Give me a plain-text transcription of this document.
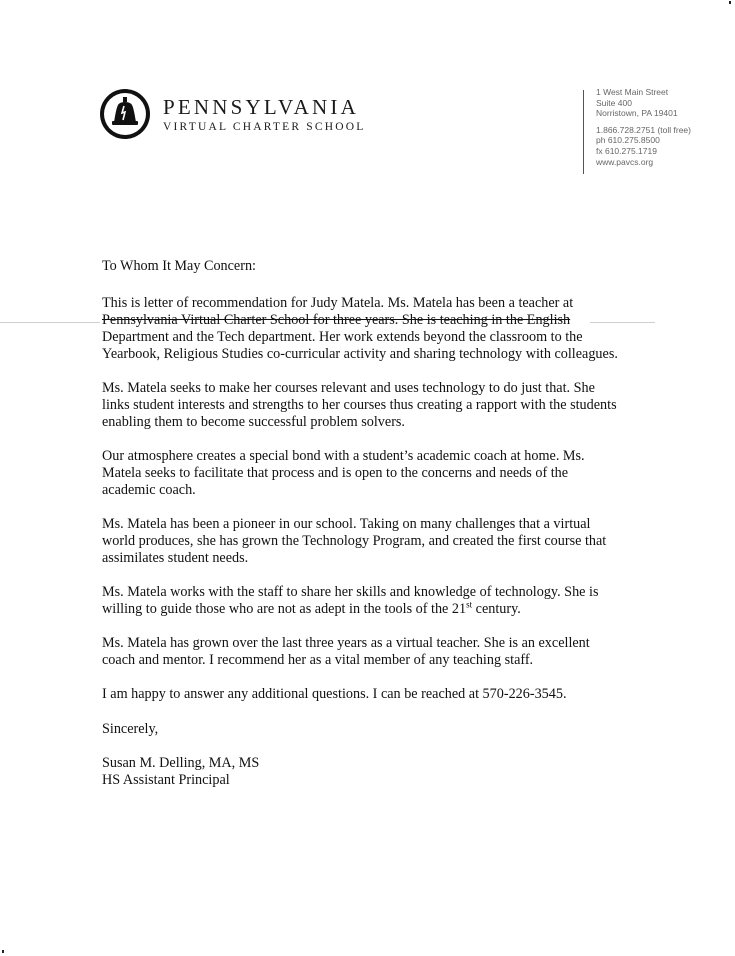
PENNSYLVANIA
VIRTUAL CHARTER SCHOOL
1 West Main Street
Suite 400
Norristown, PA 19401
1.866.728.2751 (toll free)
ph 610.275.8500
fx 610.275.1719
www.pavcs.org

To Whom It May Concern:

This is letter of recommendation for Judy Matela. Ms. Matela has been a teacher at
Pennsylvania Virtual Charter School for three years. She is teaching in the English
Department and the Tech department. Her work extends beyond the classroom to the Yearbook, Religious Studies co-curricular activity and sharing technology with colleagues.

Ms. Matela seeks to make her courses relevant and uses technology to do just that. She links student interests and strengths to her courses thus creating a rapport with the students enabling them to become successful problem solvers.

Our atmosphere creates a special bond with a student’s academic coach at home. Ms. Matela seeks to facilitate that process and is open to the concerns and needs of the academic coach.

Ms. Matela has been a pioneer in our school. Taking on many challenges that a virtual world produces, she has grown the Technology Program, and created the first course that assimilates student needs.

Ms. Matela works with the staff to share her skills and knowledge of technology. She is willing to guide those who are not as adept in the tools of the 21st century.

Ms. Matela has grown over the last three years as a virtual teacher. She is an excellent coach and mentor. I recommend her as a vital member of any teaching staff.

I am happy to answer any additional questions. I can be reached at 570-226-3545.

Sincerely,

Susan M. Delling, MA, MS

HS Assistant Principal
